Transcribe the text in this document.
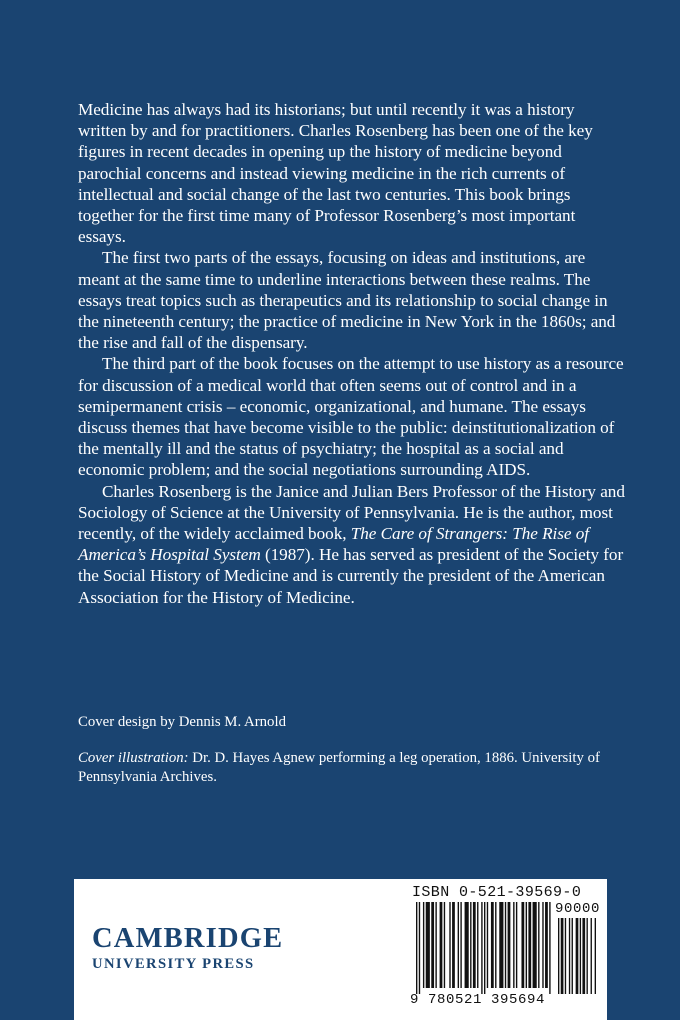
Medicine has always had its historians; but until recently it was a history written by and for practitioners. Charles Rosenberg has been one of the key figures in recent decades in opening up the history of medicine beyond parochial concerns and instead viewing medicine in the rich currents of intellectual and social change of the last two centuries. This book brings together for the first time many of Professor Rosenberg’s most important essays.

The first two parts of the essays, focusing on ideas and institutions, are meant at the same time to underline interactions between these realms. The essays treat topics such as therapeutics and its relationship to social change in the nineteenth century; the practice of medicine in New York in the 1860s; and the rise and fall of the dispensary.

The third part of the book focuses on the attempt to use history as a resource for discussion of a medical world that often seems out of control and in a semipermanent crisis – economic, organizational, and humane. The essays discuss themes that have become visible to the public: deinstitutionalization of the mentally ill and the status of psychiatry; the hospital as a social and economic problem; and the social negotiations surrounding AIDS.

Charles Rosenberg is the Janice and Julian Bers Professor of the History and Sociology of Science at the University of Pennsylvania. He is the author, most recently, of the widely acclaimed book, The Care of Strangers: The Rise of America’s Hospital System (1987). He has served as president of the Society for the Social History of Medicine and is currently the president of the American Association for the History of Medicine.

Cover design by Dennis M. Arnold

Cover illustration: Dr. D. Hayes Agnew performing a leg operation, 1886. University of Pennsylvania Archives.

CAMBRIDGE
UNIVERSITY PRESS
ISBN 0-521-39569-0
90000
9 780521 395694
